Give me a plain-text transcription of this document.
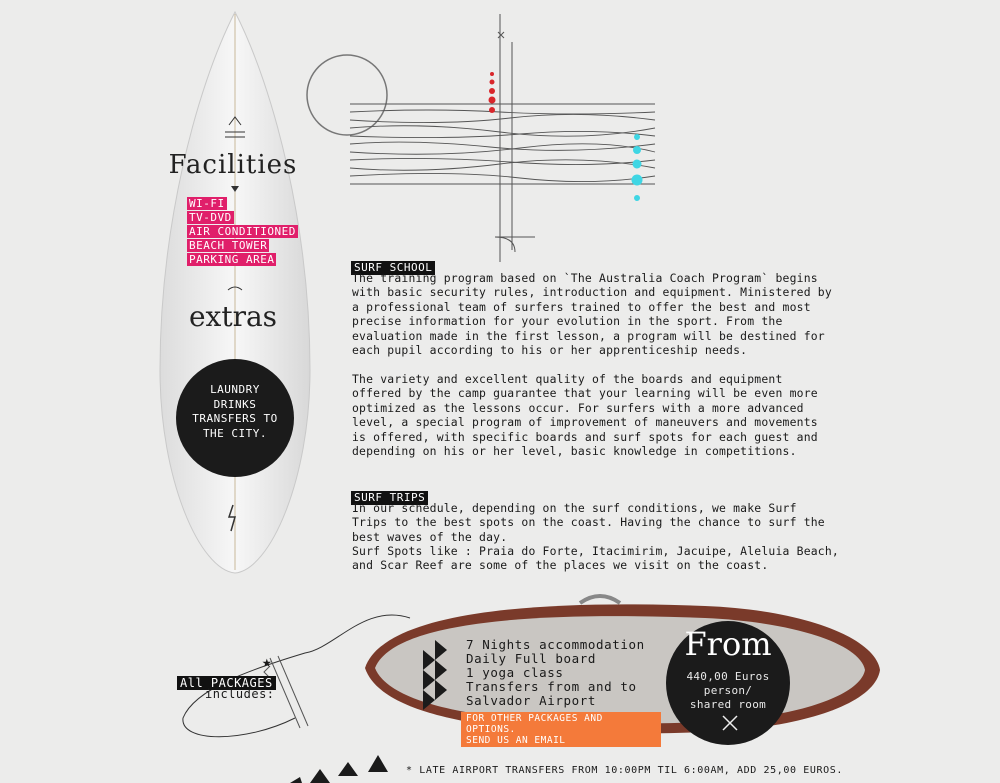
Facilities
WI-FI
TV-DVD
AIR CONDITIONED
BEACH TOWER
PARKING AREA
extras
LAUNDRY
DRINKS
TRANSFERS TO
THE CITY.
SURF SCHOOL
The training program based on `The Australia Coach Program` begins with basic security rules, introduction and equipment. Ministered by a professional team of surfers trained to offer the best and most precise information for your evolution in the sport. From the evaluation made in the first lesson, a program will be destined for each pupil according to his or her apprenticeship needs.
The variety and excellent quality of the boards and equipment offered by the camp guarantee that your learning will be even more optimized as the lessons occur. For surfers with a more advanced level, a special program of improvement of maneuvers and movements is offered, with specific boards and surf spots for each guest and depending on his or her level, basic knowledge in competitions.
SURF TRIPS
In our schedule, depending on the surf conditions, we make Surf Trips to the best spots on the coast. Having the chance to surf the best waves of the day.
Surf Spots like : Praia do Forte, Itacimirim, Jacuipe, Aleluia Beach, and Scar Reef are some of the places we visit on the coast.
★
All PACKAGES
includes:
7 Nights accommodation
Daily Full board
1 yoga class
Transfers from and to
Salvador Airport
FOR OTHER PACKAGES AND OPTIONS.
SEND US AN EMAIL
From
440,00 Euros
person/
shared room
* LATE AIRPORT TRANSFERS FROM 10:00PM TIL 6:00AM, ADD 25,00 EUROS.
